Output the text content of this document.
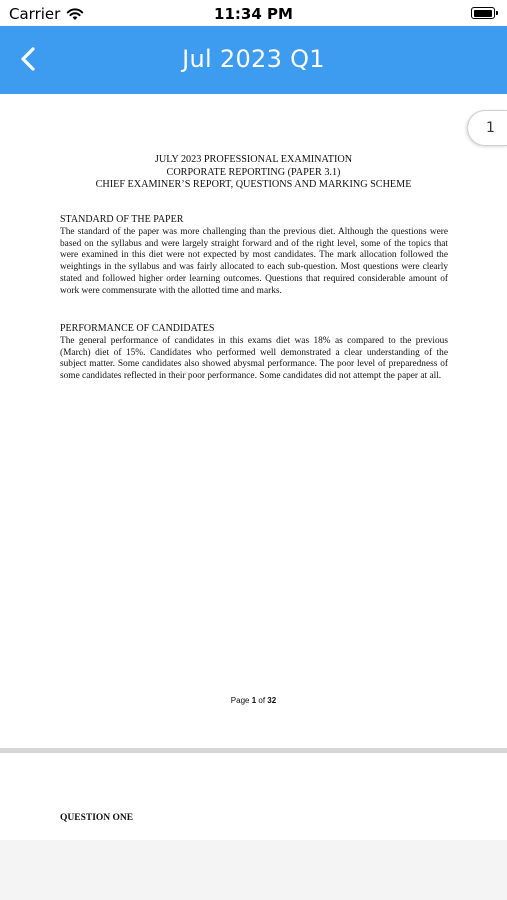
Carrier	11:34 PM
Jul 2023 Q1
JULY 2023 PROFESSIONAL EXAMINATION
CORPORATE REPORTING (PAPER 3.1)
CHIEF EXAMINER’S REPORT, QUESTIONS AND MARKING SCHEME
STANDARD OF THE PAPER
The standard of the paper was more challenging than the previous diet. Although the questions were based on the syllabus and were largely straight forward and of the right level, some of the topics that were examined in this diet were not expected by most candidates. The mark allocation followed the weightings in the syllabus and was fairly allocated to each sub-question. Most questions were clearly stated and followed higher order learning outcomes. Questions that required considerable amount of work were commensurate with the allotted time and marks.
PERFORMANCE OF CANDIDATES
The general performance of candidates in this exams diet was 18% as compared to the previous (March) diet of 15%. Candidates who performed well demonstrated a clear understanding of the subject matter. Some candidates also showed abysmal performance. The poor level of preparedness of some candidates reflected in their poor performance. Some candidates did not attempt the paper at all.
Page 1 of 32
QUESTION ONE
1
